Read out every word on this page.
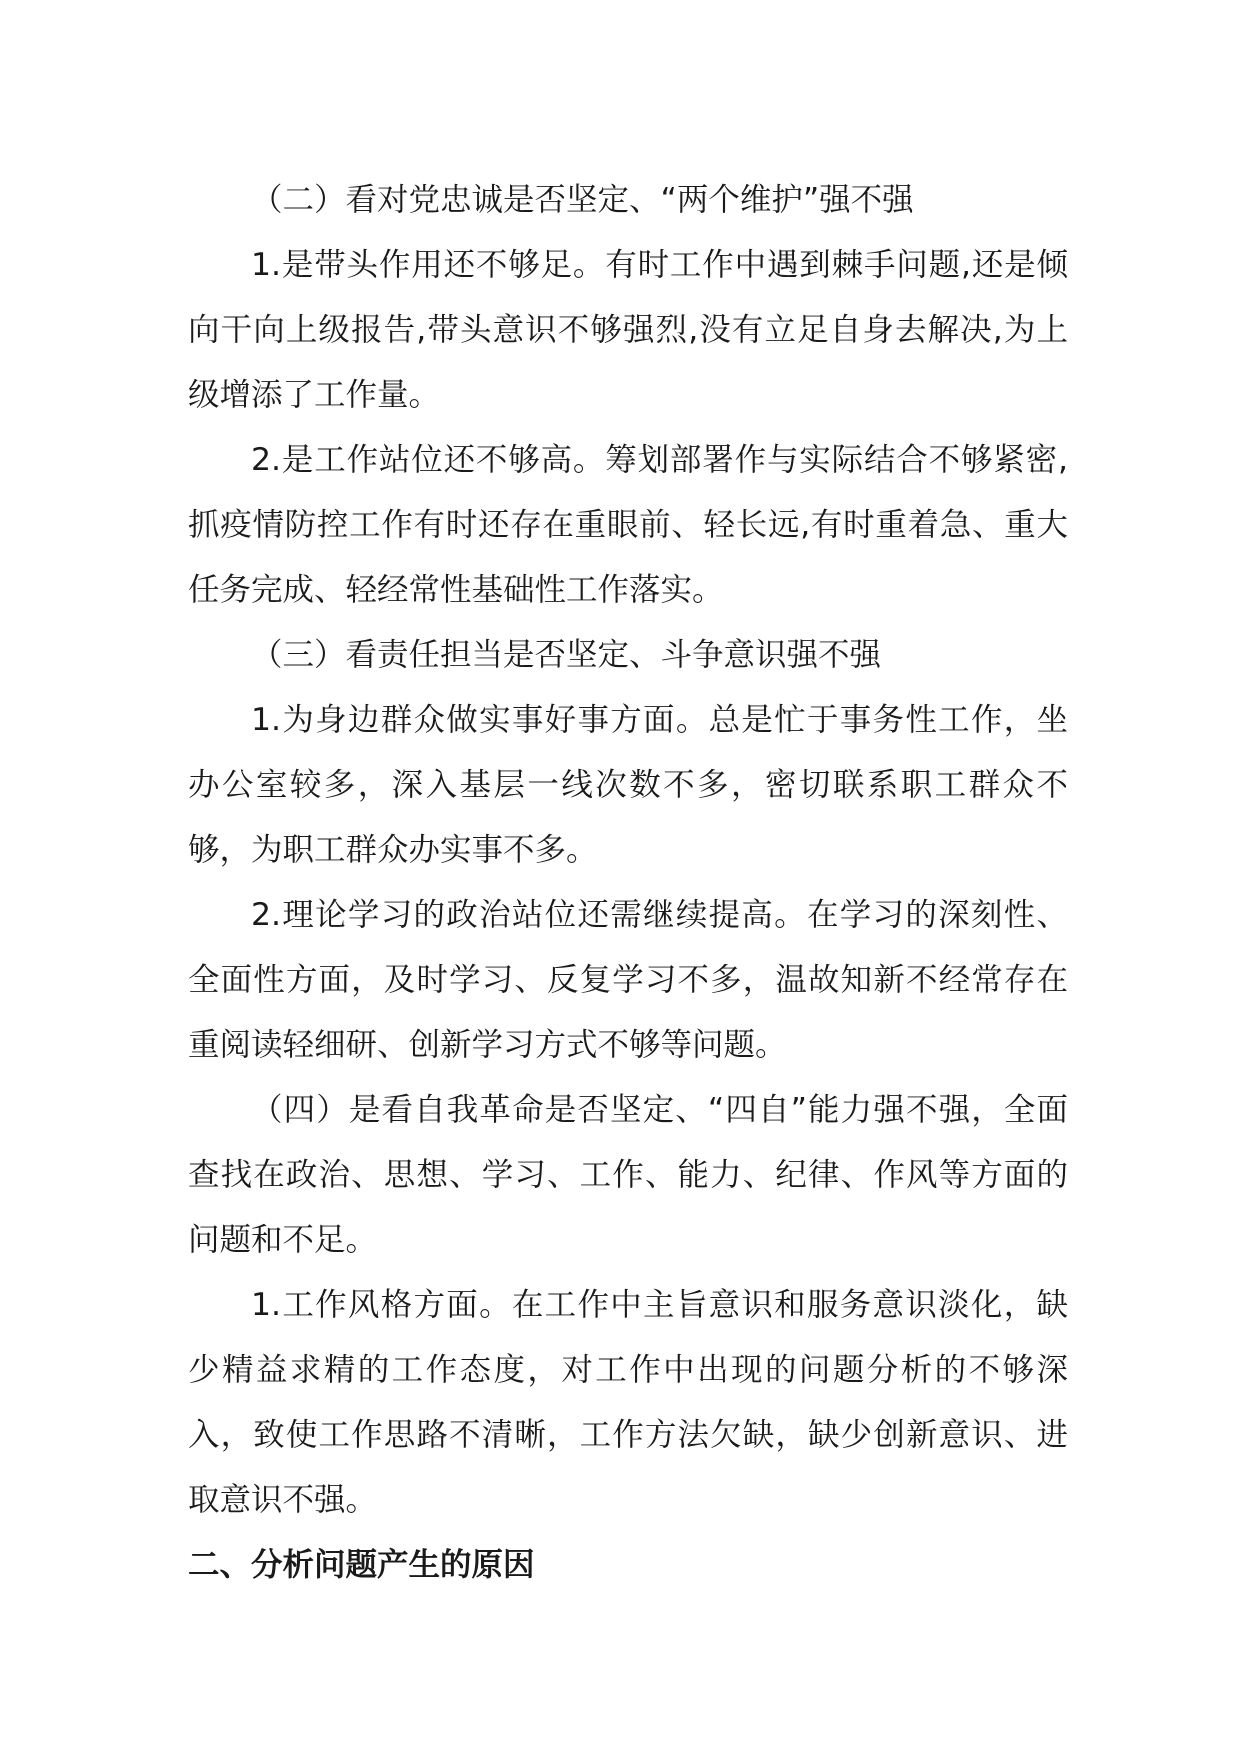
（二）看对党忠诚是否坚定、“两个维护”强不强

1.是带头作用还不够足。有时工作中遇到棘手问题,还是倾向干向上级报告,带头意识不够强烈,没有立足自身去解决,为上级增添了工作量。

2.是工作站位还不够高。筹划部署作与实际结合不够紧密,抓疫情防控工作有时还存在重眼前、轻长远,有时重着急、重大任务完成、轻经常性基础性工作落实。

（三）看责任担当是否坚定、斗争意识强不强

1.为身边群众做实事好事方面。总是忙于事务性工作，坐办公室较多，深入基层一线次数不多，密切联系职工群众不够，为职工群众办实事不多。

2.理论学习的政治站位还需继续提高。在学习的深刻性、全面性方面，及时学习、反复学习不多，温故知新不经常存在重阅读轻细研、创新学习方式不够等问题。

（四）是看自我革命是否坚定、“四自”能力强不强，全面查找在政治、思想、学习、工作、能力、纪律、作风等方面的问题和不足。

1.工作风格方面。在工作中主旨意识和服务意识淡化，缺少精益求精的工作态度，对工作中出现的问题分析的不够深入，致使工作思路不清晰，工作方法欠缺，缺少创新意识、进取意识不强。

二、分析问题产生的原因
